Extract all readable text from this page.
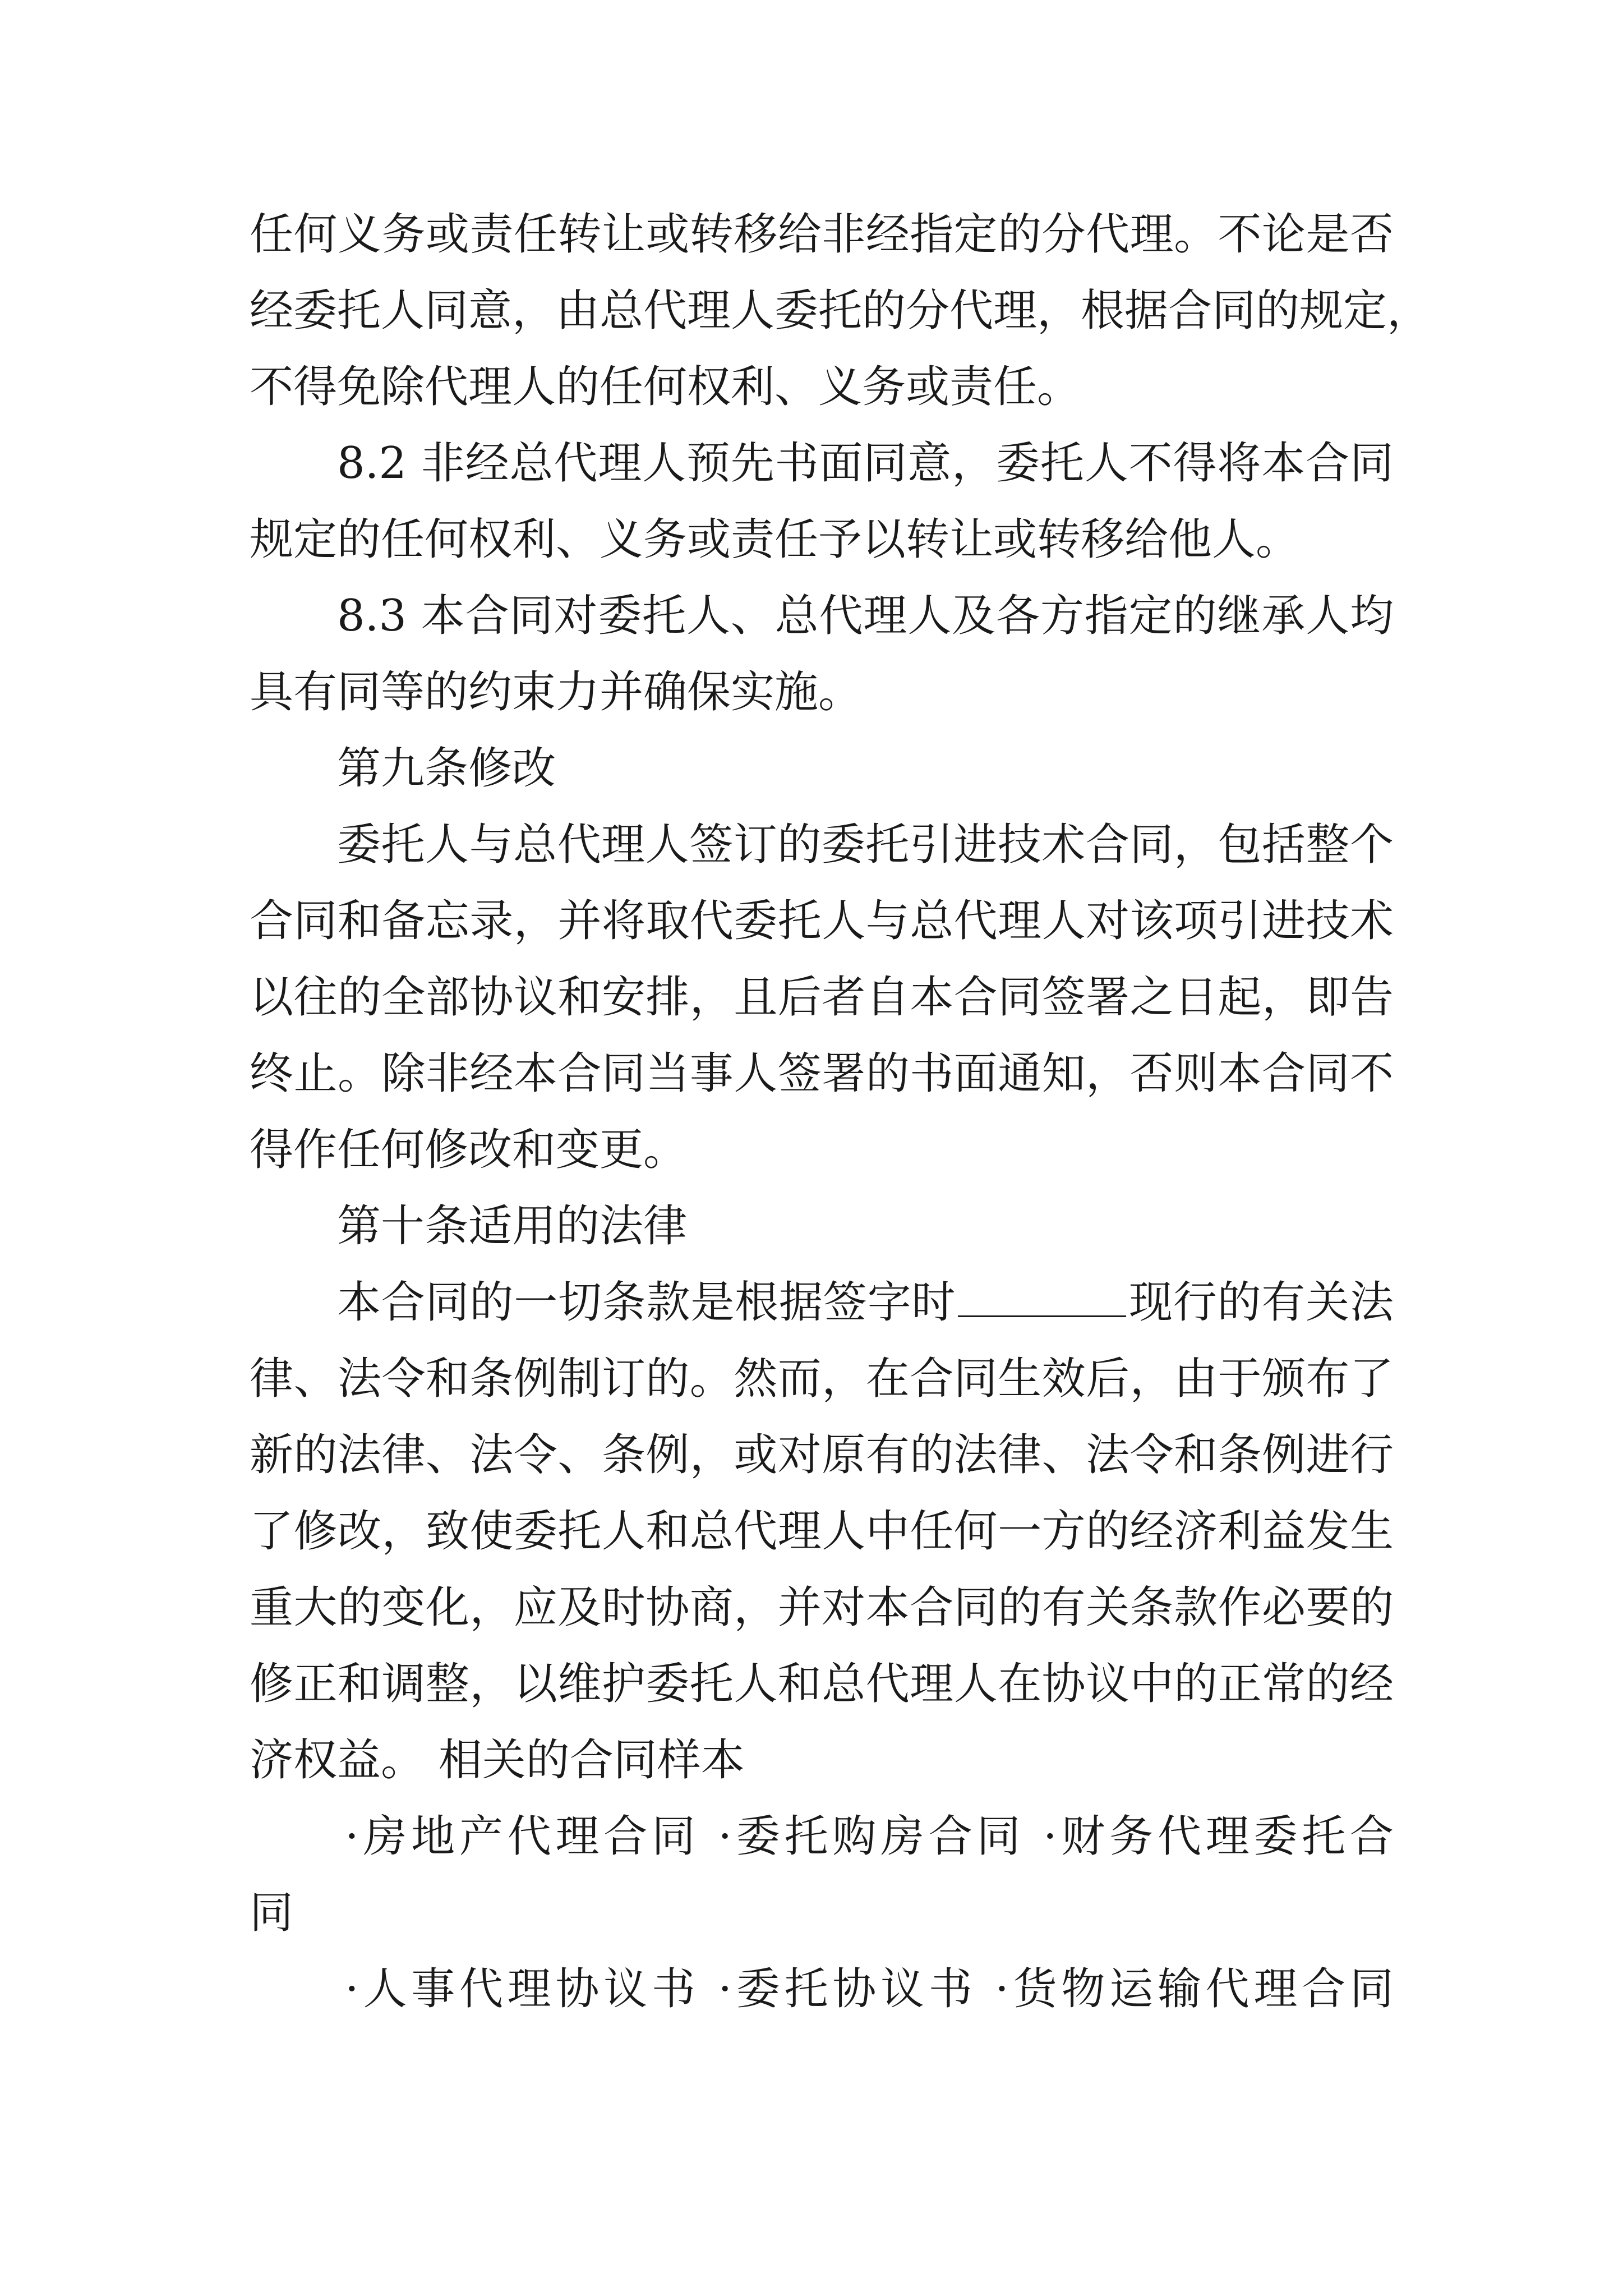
任何义务或责任转让或转移给非经指定的分代理。不论是否
经委托人同意，由总代理人委托的分代理，根据合同的规定，
不得免除代理人的任何权利、义务或责任。
8.2 非经总代理人预先书面同意，委托人不得将本合同
规定的任何权利、义务或责任予以转让或转移给他人。
8.3 本合同对委托人、总代理人及各方指定的继承人均
具有同等的约束力并确保实施。
第九条修改
委托人与总代理人签订的委托引进技术合同，包括整个
合同和备忘录，并将取代委托人与总代理人对该项引进技术
以往的全部协议和安排，且后者自本合同签署之日起，即告
终止。除非经本合同当事人签署的书面通知，否则本合同不
得作任何修改和变更。
第十条适用的法律
本合同的一切条款是根据签字时	现行的有关法
律、法令和条例制订的。然而，在合同生效后，由于颁布了
新的法律、法令、条例，或对原有的法律、法令和条例进行
了修改，致使委托人和总代理人中任何一方的经济利益发生
重大的变化，应及时协商，并对本合同的有关条款作必要的
修正和调整，以维护委托人和总代理人在协议中的正常的经
济权益。 相关的合同样本
·房地产代理合同 ·委托购房合同 ·财务代理委托合
同
·人事代理协议书 ·委托协议书 ·货物运输代理合同
